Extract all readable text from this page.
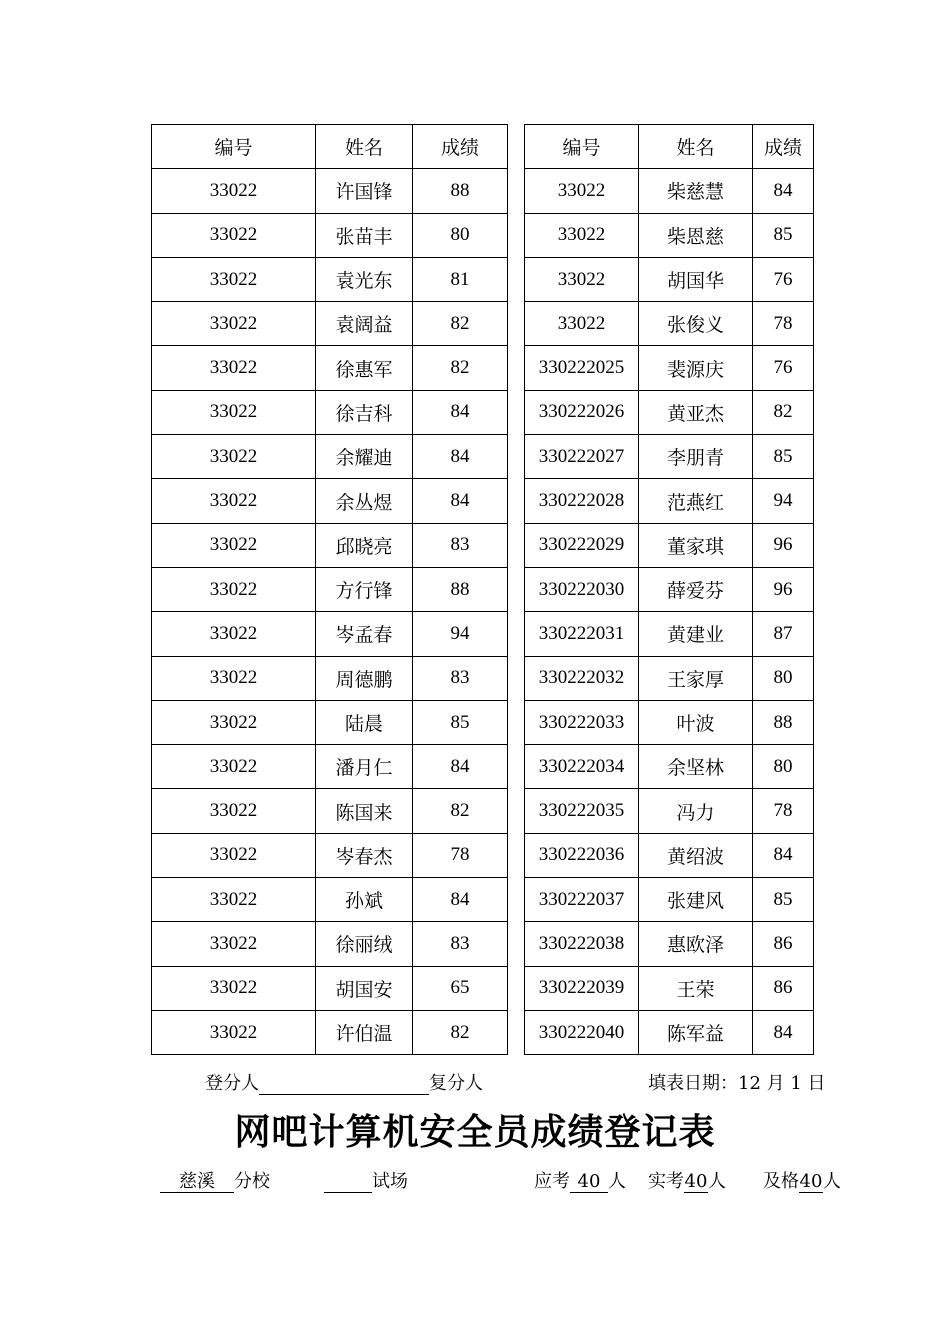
编号	姓名	成绩
33022	许国锋	88
33022	张苗丰	80
33022	袁光东	81
33022	袁阔益	82
33022	徐惠军	82
33022	徐吉科	84
33022	余耀迪	84
33022	余丛煜	84
33022	邱晓亮	83
33022	方行锋	88
33022	岑孟春	94
33022	周德鹏	83
33022	陆晨	85
33022	潘月仁	84
33022	陈国来	82
33022	岑春杰	78
33022	孙斌	84
33022	徐丽绒	83
33022	胡国安	65
33022	许伯温	82
编号	姓名	成绩
33022	柴慈慧	84
33022	柴恩慈	85
33022	胡国华	76
33022	张俊义	78
330222025	裴源庆	76
330222026	黄亚杰	82
330222027	李朋青	85
330222028	范燕红	94
330222029	董家琪	96
330222030	薛爱芬	96
330222031	黄建业	87
330222032	王家厚	80
330222033	叶波	88
330222034	余坚林	80
330222035	冯力	78
330222036	黄绍波	84
330222037	张建风	85
330222038	惠欧泽	86
330222039	王荣	86
330222040	陈军益	84
登分人	复分人	填表日期：12 月 1 日
网吧计算机安全员成绩登记表
慈溪 分校	试场	应考 40 人 实考40人 及格40人
